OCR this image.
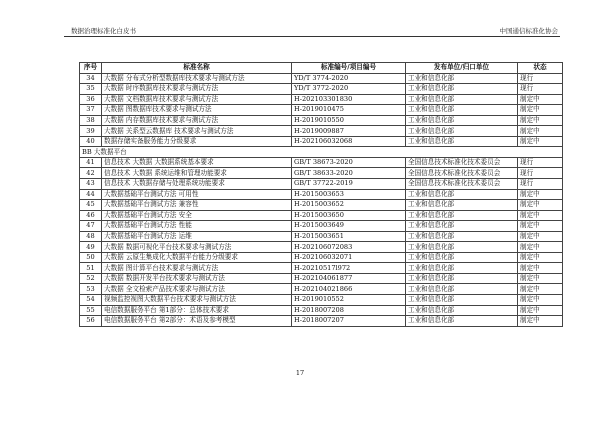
数据治理标准化白皮书	中国通信标准化协会
序号	标准名称	标准编号/项目编号	发布单位/归口单位	状态
34	大数据 分布式分析型数据库技术要求与测试方法	YD/T 3774-2020	工业和信息化部	现行
35	大数据 时序数据库技术要求与测试方法	YD/T 3772-2020	工业和信息化部	现行
36	大数据 文档数据库技术要求与测试方法	H-2021033018​30	工业和信息化部	制定中
37	大数据 图数据库技术要求与测试方法	H-2019010475	工业和信息化部	制定中
38	大数据 内存数据库技术要求与测试方法	H-2019010550	工业和信息化部	制定中
39	大数据 关系型云数据库 技术要求与测试方法	H-2019009887	工业和信息化部	制定中
40	数据存储实备服务能力分级要求	H-202106032068	工业和信息化部	制定中
BB 大数据平台				
41	信息技术 大数据 大数据系统基本要求	GB/T 38673-2020	全国信息技术标准化技术委员会	现行
42	信息技术 大数据 系统运维和管理功能要求	GB/T 38633-2020	全国信息技术标准化技术委员会	现行
43	信息技术 大数据存储与处理系统功能要求	GB/T 37722-2019	全国信息技术标准化技术委员会	现行
44	大数据基础平台测试方法 可用性	H-2015003653	工业和信息化部	制定中
45	大数据基础平台测试方法 兼容性	H-2015003652	工业和信息化部	制定中
46	大数据基础平台测试方法 安全	H-2015003650	工业和信息化部	制定中
47	大数据基础平台测试方法 性能	H-2015003649	工业和信息化部	制定中
48	大数据基础平台测试方法 运维	H-2015003651	工业和信息化部	制定中
49	大数据 数据可视化平台技术要求与测试方法	H-202106072083	工业和信息化部	制定中
50	大数据 云原生集成化大数据平台能力分级要求	H-202106032071	工业和信息化部	制定中
51	大数据 图计算平台技术要求与测试方法	H-20210517l972	工业和信息化部	制定中
52	大数据 数据开发平台技术要求与测试方法	H-202104061877	工业和信息化部	制定中
53	大数据 全文检索产品技术要求与测试方法	H-202104021866	工业和信息化部	制定中
54	视频监控视图大数据平台技术要求与测试方法	H-2019010552	工业和信息化部	制定中
55	电信数据服务平台 第1部分：总体技术要求	H-2018007208	工业和信息化部	制定中
56	电信数据服务平台 第2部分：术语及参考模型	H-2018007207	工业和信息化部	制定中
17
